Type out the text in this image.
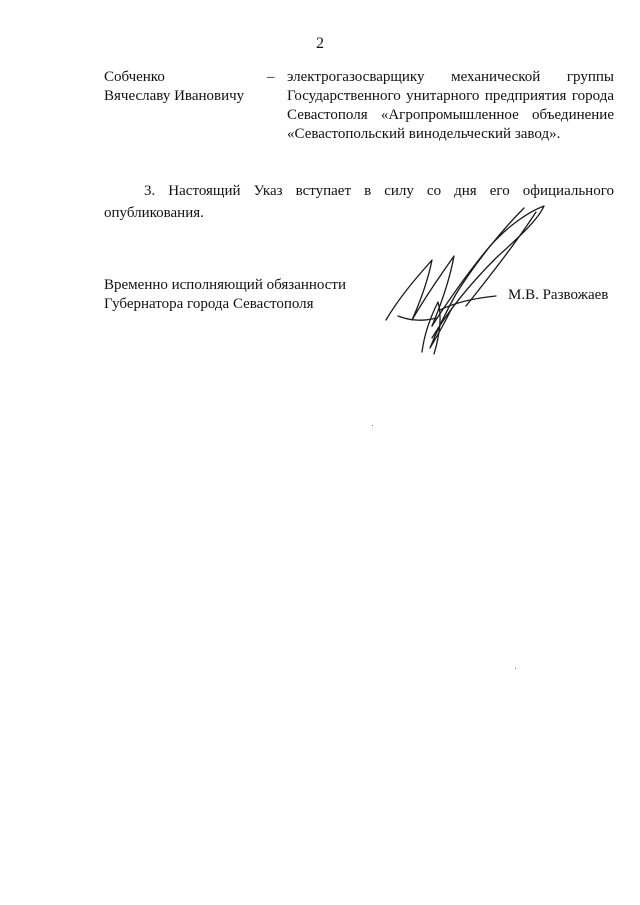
2
Собченко
Вячеславу Ивановичу
– электрогазосварщику механической группы Государственного унитарного предприятия города Севастополя «Агропромышленное объединение «Севастопольский винодельческий завод».

3. Настоящий Указ вступает в силу со дня его официального опубликования.

Временно исполняющий обязанности
Губернатора города Севастополя
М.В. Развожаев
